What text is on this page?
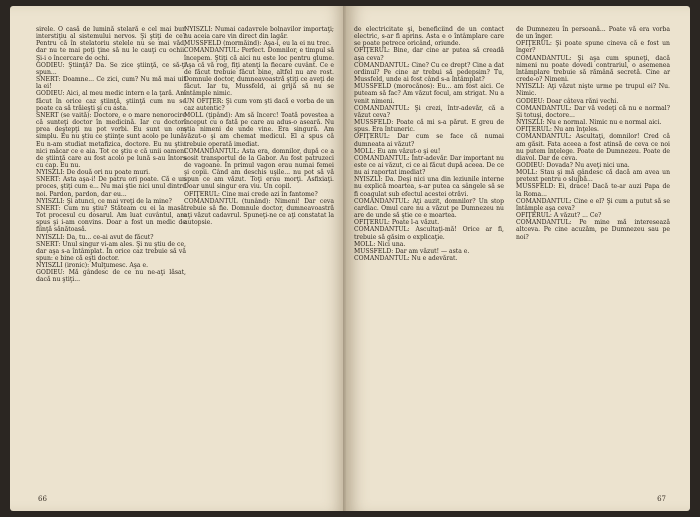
sirele. O casă de lumină stelară e cel mai bun interstiţiu al sistemului nervos. Şi ştiţi de ce? Pentru că în stelatoriu stelele nu se mai văd, dar nu te mai poţi ţine să nu le cauţi cu ochii. Şi-i o încercare de ochi.

GODIEU: Ştiinţă? Da. Se zice ştiinţă, ce să-ţi spun...

SNERT: Doamne... Ce zici, cum? Nu mă mai uit la ei!

GODIEU: Aici, al meu medic intern e la ţară. Am făcut în orice caz ştiinţă, ştiinţă cum nu se poate ca să trăieşti şi cu asta.

SNERT (se vaită): Doctore, e o mare nenorocire că sunteţi doctor în medicină. Iar cu doctori prea deştepţi nu pot vorbi. Eu sunt un om simplu. Eu nu ştiu ce ştiinţe sunt acolo pe lună. Eu n-am studiat metafizica, doctore. Eu nu ştiu nici măcar ce e aia. Tot ce ştiu e că unii oameni de ştiinţă care au fost acolo pe lună s-au întors cu cap. Eu nu.

NYISZLI: De două ori nu poate muri.

SNERT: Asta aşa-i! De patru ori poate. Că e un proces, ştiţi cum e... Nu mai ştie nici unul dintre noi. Pardon, pardon, dar eu...

NYISZLI: Şi atunci, ce mai vreţi de la mine?

SNERT: Cum nu ştiu? Stăteam cu ei la masă. Tot procesul cu dosarul. Am luat cuvântul, am spus şi i-am convins. Doar a fost un medic de fiinţă sănătoasă.

NYISZLI: Da, tu... ce-ai avut de făcut?

SNERT: Unul singur vi-am ales. Şi nu ştiu de ce, dar aşa s-a întâmplat. În orice caz trebuie să vă spun: e bine că eşti doctor.

NYISZLI (ironic): Mulţumesc. Aşa e.

GODIEU: Mă gândesc de ce nu ne-aţi lăsat, dacă nu ştiţi...

NYISZLI: Numai cadavrele bolnavilor importaţi; nu aceia care vin direct din lagăr.

MUSSFELD (mormăind): Aşa-i, eu la ei nu trec.

COMANDANTUL: Perfect. Domnilor, e timpul să începem. Ştiţi că aici nu este loc pentru glume. Aşa că vă rog, fiţi atenţi la fiecare cuvânt. Ce e de făcut trebuie făcut bine, altfel nu are rost. Domnule doctor, dumneavoastră ştiţi ce aveţi de făcut. Iar tu, Mussfeld, ai grijă să nu se întâmple nimic.

UN OFIŢER: Şi cum vom şti dacă e vorba de un caz autentic?

MOLL (ţipând): Am să încerc! Toată povestea a început cu o fată pe care au adus-o aseară. Nu ştia nimeni de unde vine. Era singură. Am văzut-o şi am chemat medicul. El a spus că trebuie operată imediat.

COMANDANTUL: Asta era, domnilor, după ce a sosit transportul de la Gabor. Au fost patruzeci de vagoane. În primul vagon erau numai femei şi copii. Când am deschis uşile... nu pot să vă spun ce am văzut. Toţi erau morţi. Asfixiaţi. Doar unul singur era viu. Un copil.

OFIŢERUL: Cine mai crede azi în fantome?

COMANDANTUL (tunând): Nimeni! Dar ceva trebuie să fie. Domnule doctor, dumneavoastră aţi văzut cadavrul. Spuneţi-ne ce aţi constatat la autopsie.

66

de electricitate şi, beneficiind de un contact electric, s-ar fi aprins. Asta e o întâmplare care se poate petrece oricând, oriunde.

OFIŢERUL: Bine, dar cine ar putea să creadă aşa ceva?

COMANDANTUL: Cine? Cu ce drept? Cine a dat ordinul? Pe cine ar trebui să pedepsim? Tu, Mussfeld, unde ai fost când s-a întâmplat?

MUSSFELD (morocănos): Eu... am fost aici. Ce puteam să fac? Am văzut focul, am strigat. Nu a venit nimeni.

COMANDANTUL: Şi crezi, într-adevăr, că a văzut ceva?

MUSSFELD: Poate că mi s-a părut. E greu de spus. Era întuneric.

OFIŢERUL: Dar cum se face că numai dumneata ai văzut?

MOLL: Eu am văzut-o şi eu!

COMANDANTUL: Într-adevăr. Dar important nu este ce ai văzut, ci ce ai făcut după aceea. De ce nu ai raportat imediat?

NYISZLI: Da. Deşi nici una din leziunile interne nu explică moartea, s-ar putea ca sângele să se fi coagulat sub efectul acestei otrăvi.

COMANDANTUL: Aţi auzit, domnilor? Un stop cardiac. Omul care nu a văzut pe Dumnezeu nu are de unde să ştie ce e moartea.

OFIŢERUL: Poate l-a văzut.

COMANDANTUL: Ascultaţi-mă! Orice ar fi, trebuie să găsim o explicaţie.

MOLL: Nici una.

MUSSFELD: Dar am văzut! — asta e.

COMANDANTUL: Nu e adevărat.

de Dumnezeu în persoană... Poate vă era vorba de un înger.

OFIŢERUL: Şi poate spune cineva că e fost un înger?

COMANDANTUL: Şi aşa cum spuneţi, dacă nimeni nu poate dovedi contrariul, o asemenea întâmplare trebuie să rămână secretă. Cine ar crede-o? Nimeni.

NYISZLI: Aţi văzut nişte urme pe trupul ei? Nu. Nimic.

GODIEU: Doar câteva răni vechi.

COMANDANTUL: Dar vă vedeţi că nu e normal? Şi totuşi, doctore...

NYISZLI: Nu e normal. Nimic nu e normal aici.

OFIŢERUL: Nu am înţeles.

COMANDANTUL: Ascultaţi, domnilor! Cred că am găsit. Fata aceea a fost atinsă de ceva ce noi nu putem înţelege. Poate de Dumnezeu. Poate de diavol. Dar de ceva.

GODIEU: Dovada? Nu aveţi nici una.

MOLL: Stau şi mă gândesc că dacă am avea un pretext pentru o slujbă...

MUSSFELD: Ei, drace! Dacă te-ar auzi Papa de la Roma...

COMANDANTUL: Cine e el? Şi cum a putut să se întâmple aşa ceva?

OFIŢERUL: A văzut? ... Ce?

COMANDANTUL: Pe mine mă interesează altceva. Pe cine acuzăm, pe Dumnezeu sau pe noi?

67
